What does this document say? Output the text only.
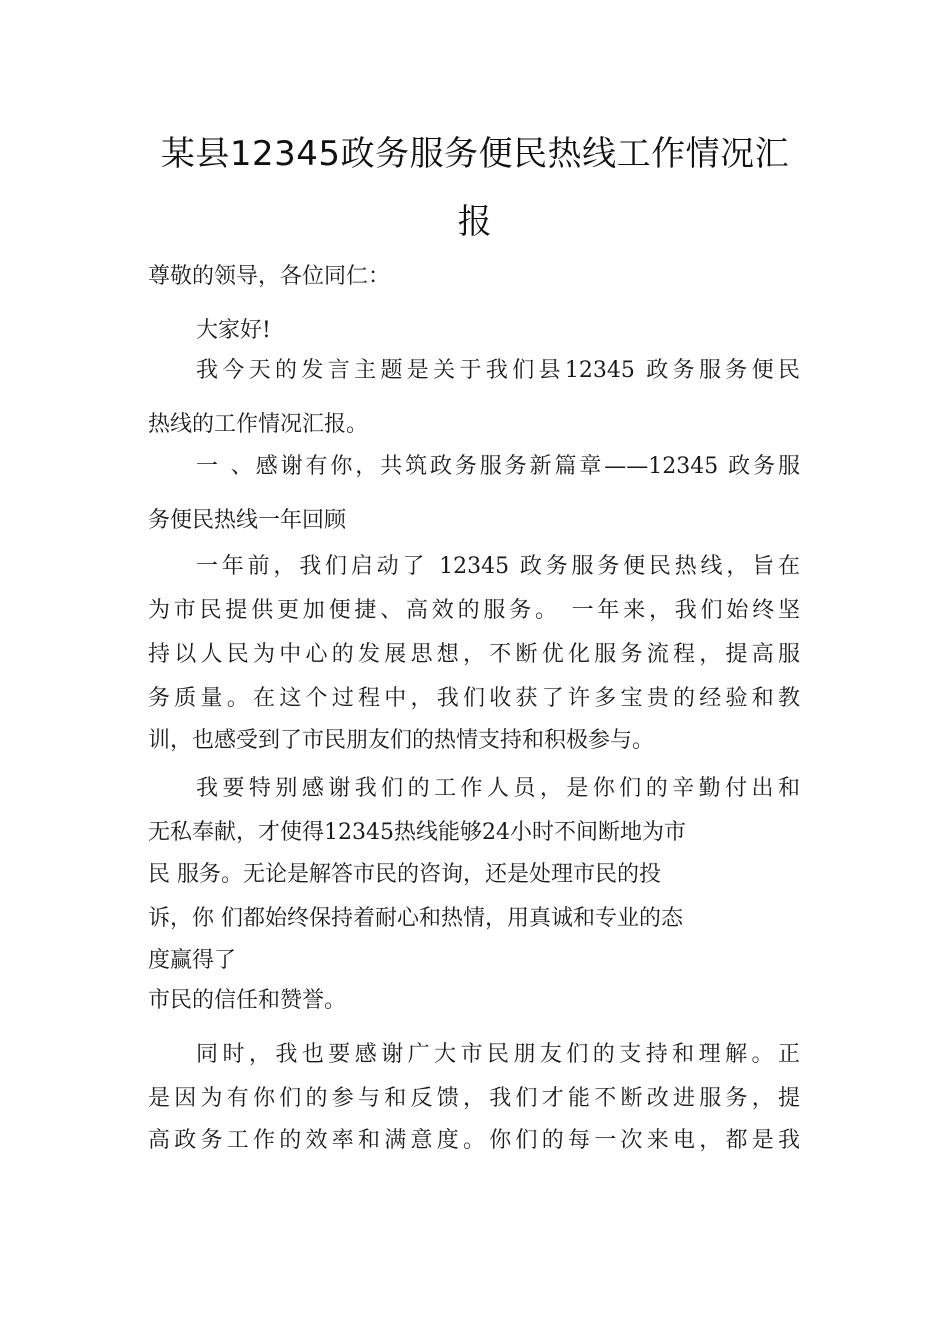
某县12345政务服务便民热线工作情况汇
报
尊敬的领导，各位同仁：
大家好!
我今天的发言主题是关于我们县12345 政务服务便民
热线的工作情况汇报。
一 、感谢有你，共筑政务服务新篇章——12345 政务服
务便民热线一年回顾
一年前，我们启动了 12345 政务服务便民热线，旨在
为市民提供更加便捷、高效的服务。 一年来，我们始终坚
持以人民为中心的发展思想，不断优化服务流程，提高服
务质量。在这个过程中，我们收获了许多宝贵的经验和教
训，也感受到了市民朋友们的热情支持和积极参与。
我要特别感谢我们的工作人员，是你们的辛勤付出和
无私奉献，才使得12345热线能够24小时不间断地为市
民 服务。无论是解答市民的咨询，还是处理市民的投
诉，你 们都始终保持着耐心和热情，用真诚和专业的态
度赢得了
市民的信任和赞誉。
同时，我也要感谢广大市民朋友们的支持和理解。正
是因为有你们的参与和反馈，我们才能不断改进服务，提
高政务工作的效率和满意度。你们的每一次来电，都是我
